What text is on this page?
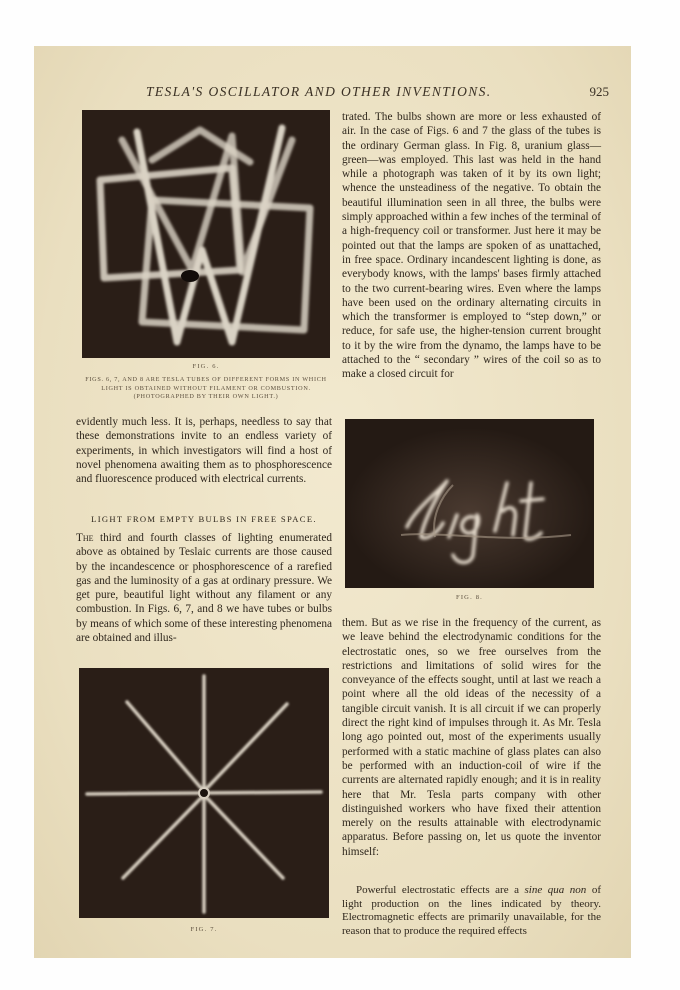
TESLA'S OSCILLATOR AND OTHER INVENTIONS.	925
FIG. 6.
FIGS. 6, 7, AND 8 ARE TESLA TUBES OF DIFFERENT FORMS IN WHICH LIGHT IS OBTAINED WITHOUT FILAMENT OR COMBUSTION. (PHOTOGRAPHED BY THEIR OWN LIGHT.)

trated. The bulbs shown are more or less exhausted of air. In the case of Figs. 6 and 7 the glass of the tubes is the ordinary German glass. In Fig. 8, uranium glass—green—was employed. This last was held in the hand while a photograph was taken of it by its own light; whence the unsteadiness of the negative. To obtain the beautiful illumination seen in all three, the bulbs were simply approached within a few inches of the terminal of a high-frequency coil or transformer. Just here it may be pointed out that the lamps are spoken of as unattached, in free space. Ordinary incandescent lighting is done, as everybody knows, with the lamps' bases firmly attached to the two current-bearing wires. Even where the lamps have been used on the ordinary alternating circuits in which the transformer is employed to “step down,” or reduce, for safe use, the higher-tension current brought to it by the wire from the dynamo, the lamps have to be attached to the “ secondary ” wires of the coil so as to make a closed circuit for

FIG. 8.

evidently much less. It is, perhaps, needless to say that these demonstrations invite to an endless variety of experiments, in which investigators will find a host of novel phenomena awaiting them as to phosphorescence and fluorescence produced with electrical currents.

LIGHT FROM EMPTY BULBS IN FREE SPACE.

The third and fourth classes of lighting enumerated above as obtained by Teslaic currents are those caused by the incandescence or phosphorescence of a rarefied gas and the luminosity of a gas at ordinary pressure. We get pure, beautiful light without any filament or any combustion. In Figs. 6, 7, and 8 we have tubes or bulbs by means of which some of these interesting phenomena are obtained and illus-

FIG. 7.

them. But as we rise in the frequency of the current, as we leave behind the electrodynamic conditions for the electrostatic ones, so we free ourselves from the restrictions and limitations of solid wires for the conveyance of the effects sought, until at last we reach a point where all the old ideas of the necessity of a tangible circuit vanish. It is all circuit if we can properly direct the right kind of impulses through it. As Mr. Tesla long ago pointed out, most of the experiments usually performed with a static machine of glass plates can also be performed with an induction-coil of wire if the currents are alternated rapidly enough; and it is in reality here that Mr. Tesla parts company with other distinguished workers who have fixed their attention merely on the results attainable with electrodynamic apparatus. Before passing on, let us quote the inventor himself:

Powerful electrostatic effects are a sine qua non of light production on the lines indicated by theory. Electromagnetic effects are primarily unavailable, for the reason that to produce the required effects
